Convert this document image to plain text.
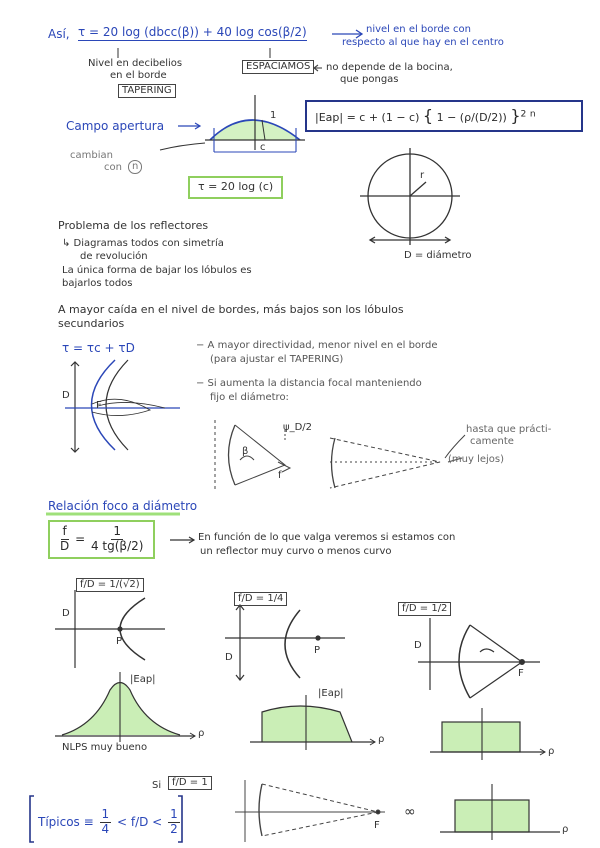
Así, τ = 20 log (dbcc(β)) + 40 log cos(β/2)	nivel en el borde con
respecto al que hay en el centro
Nivel en decibelios
en el borde
TAPERING
ESPACIAMOS	no depende de la bocina,
que pongas
Campo apertura
cambian
con	n
1
c
τ = 20 log (c)
|Eap| = c + (1 − c) { 1 − (ρ/(D/2)) }$^2$ $^n$
r
D = diámetro
Problema de los reflectores
↳ Diagramas todos con simetría
de revolución
La única forma de bajar los lóbulos es
bajarlos todos
A mayor caída en el nivel de bordes, más bajos son los lóbulos
secundarios
τ = τc + τD	− A mayor directividad, menor nivel en el borde
(para ajustar el TAPERING)
− Si aumenta la distancia focal manteniendo
fijo el diámetro:
D
F
β
ψ_D/2
f
hasta que prácti-
camente
(muy lejos)
Relación foco a diámetro
$\frac{f}{D} = \frac{1}{4 tg(\beta/2)}$	En función de lo que valga veremos si estamos con
un reflector muy curvo o menos curvo
f/D = 1/(√2)
f/D = 1/4
f/D = 1/2
D
P
|Eap|
NLPS muy bueno
ρ
D
P
|Eap|
ρ
D
F
ρ
Si	f/D = 1
F
∞
ρ
Típicos ≡ $\frac{1}{4} < f/D < \frac{1}{2}$
